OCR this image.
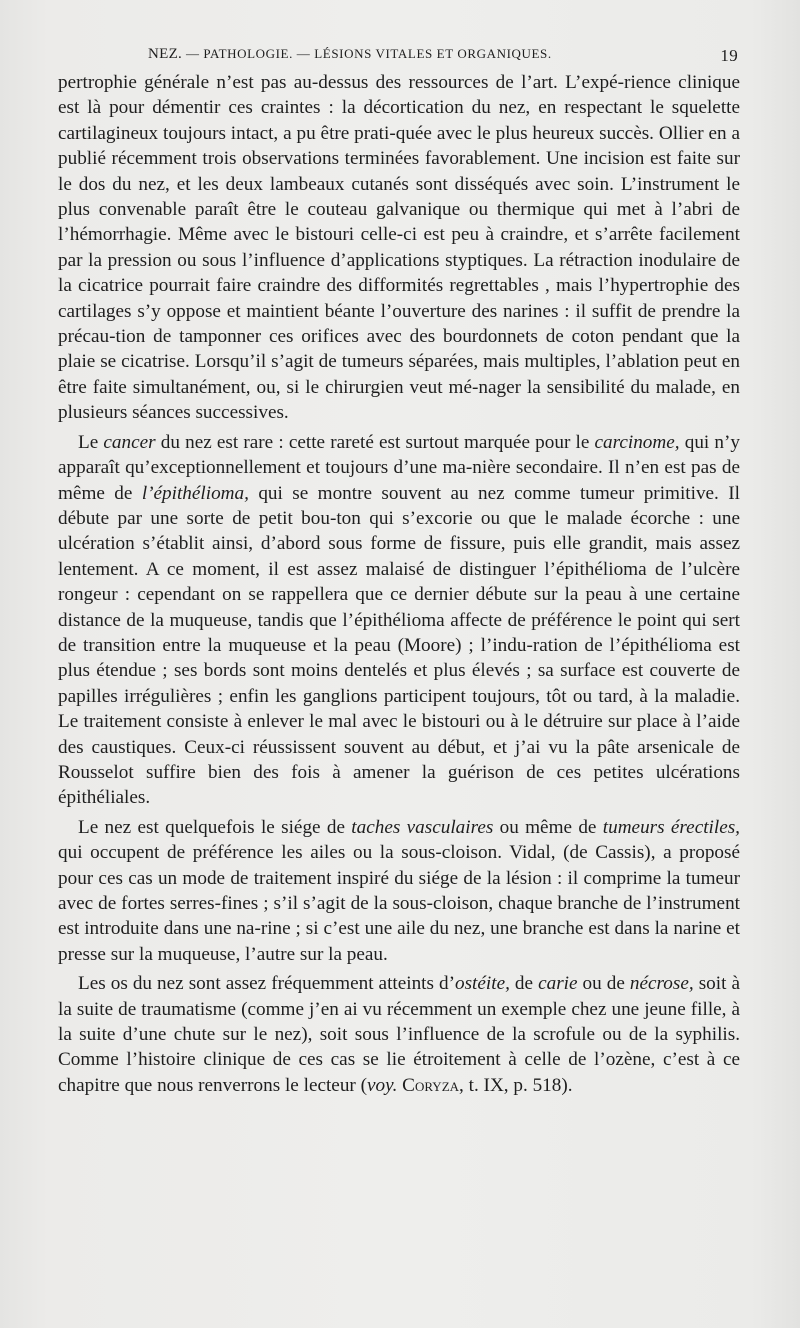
NEZ. — PATHOLOGIE. — LÉSIONS VITALES ET ORGANIQUES.	19

pertrophie générale n’est pas au-dessus des ressources de l’art. L’expé-rience clinique est là pour démentir ces craintes : la décortication du nez, en respectant le squelette cartilagineux toujours intact, a pu être prati-quée avec le plus heureux succès. Ollier en a publié récemment trois observations terminées favorablement. Une incision est faite sur le dos du nez, et les deux lambeaux cutanés sont disséqués avec soin. L’instrument le plus convenable paraît être le couteau galvanique ou thermique qui met à l’abri de l’hémorrhagie. Même avec le bistouri celle-ci est peu à craindre, et s’arrête facilement par la pression ou sous l’influence d’applications styptiques. La rétraction inodulaire de la cicatrice pourrait faire craindre des difformités regrettables , mais l’hypertrophie des cartilages s’y oppose et maintient béante l’ouverture des narines : il suffit de prendre la précau-tion de tamponner ces orifices avec des bourdonnets de coton pendant que la plaie se cicatrise. Lorsqu’il s’agit de tumeurs séparées, mais multiples, l’ablation peut en être faite simultanément, ou, si le chirurgien veut mé-nager la sensibilité du malade, en plusieurs séances successives.

Le cancer du nez est rare : cette rareté est surtout marquée pour le carcinome, qui n’y apparaît qu’exceptionnellement et toujours d’une ma-nière secondaire. Il n’en est pas de même de l’épithélioma, qui se montre souvent au nez comme tumeur primitive. Il débute par une sorte de petit bou-ton qui s’excorie ou que le malade écorche : une ulcération s’établit ainsi, d’abord sous forme de fissure, puis elle grandit, mais assez lentement. A ce moment, il est assez malaisé de distinguer l’épithélioma de l’ulcère rongeur : cependant on se rappellera que ce dernier débute sur la peau à une certaine distance de la muqueuse, tandis que l’épithélioma affecte de préférence le point qui sert de transition entre la muqueuse et la peau (Moore) ; l’indu-ration de l’épithélioma est plus étendue ; ses bords sont moins dentelés et plus élevés ; sa surface est couverte de papilles irrégulières ; enfin les ganglions participent toujours, tôt ou tard, à la maladie. Le traitement consiste à enlever le mal avec le bistouri ou à le détruire sur place à l’aide des caustiques. Ceux-ci réussissent souvent au début, et j’ai vu la pâte arsenicale de Rousselot suffire bien des fois à amener la guérison de ces petites ulcérations épithéliales.

Le nez est quelquefois le siége de taches vasculaires ou même de tumeurs érectiles, qui occupent de préférence les ailes ou la sous-cloison. Vidal, (de Cassis), a proposé pour ces cas un mode de traitement inspiré du siége de la lésion : il comprime la tumeur avec de fortes serres-fines ; s’il s’agit de la sous-cloison, chaque branche de l’instrument est introduite dans une na-rine ; si c’est une aile du nez, une branche est dans la narine et presse sur la muqueuse, l’autre sur la peau.

Les os du nez sont assez fréquemment atteints d’ostéite, de carie ou de nécrose, soit à la suite de traumatisme (comme j’en ai vu récemment un exemple chez une jeune fille, à la suite d’une chute sur le nez), soit sous l’influence de la scrofule ou de la syphilis. Comme l’histoire clinique de ces cas se lie étroitement à celle de l’ozène, c’est à ce chapitre que nous renverrons le lecteur (voy. Coryza, t. IX, p. 518).
